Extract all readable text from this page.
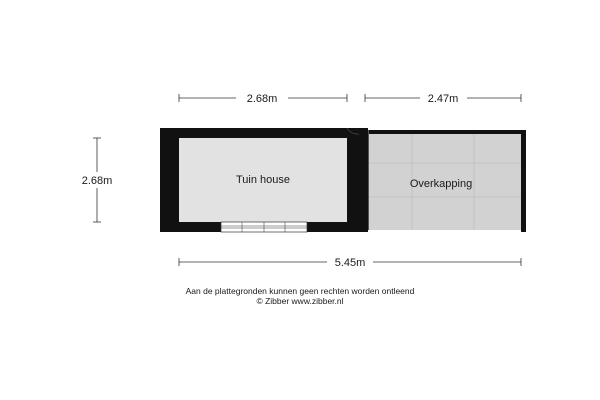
2.68m	2.47m
2.68m	Overkapping
Tuin house
5.45m
Aan de plattegronden kunnen geen rechten worden ontleend
© Zibber www.zibber.nl
